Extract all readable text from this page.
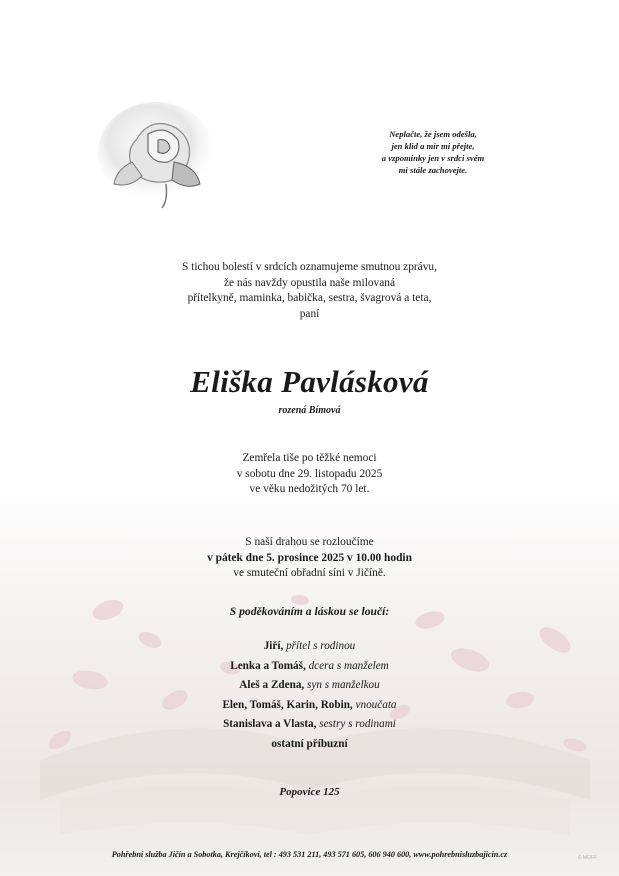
Neplačte, že jsem odešla,
jen klid a mír mi přejte,
a vzpomínky jen v srdci svém
mi stále zachovejte.
S tichou bolestí v srdcích oznamujeme smutnou zprávu,
že nás navždy opustila naše milovaná
přítelkyně, maminka, babička, sestra, švagrová a teta,
paní
Eliška Pavlásková
rozená Bímová
Zemřela tiše po těžké nemoci
v sobotu dne 29. listopadu 2025
ve věku nedožitých 70 let.
S naší drahou se rozloučíme
v pátek dne 5. prosince 2025 v 10.00 hodin
ve smuteční obřadní síni v Jičíně.
S poděkováním a láskou se loučí:
Jiří, přítel s rodinou
Lenka a Tomáš, dcera s manželem
Aleš a Zdena, syn s manželkou
Elen, Tomáš, Karin, Robin, vnoučata
Stanislava a Vlasta, sestry s rodinami
ostatní příbuzní
Popovice 125
Pohřební služba Jičín a Sobotka, Krejčíkovi, tel : 493 531 211, 493 571 605, 606 940 600, www.pohrebnisluzbajicin.cz	© MOFF
